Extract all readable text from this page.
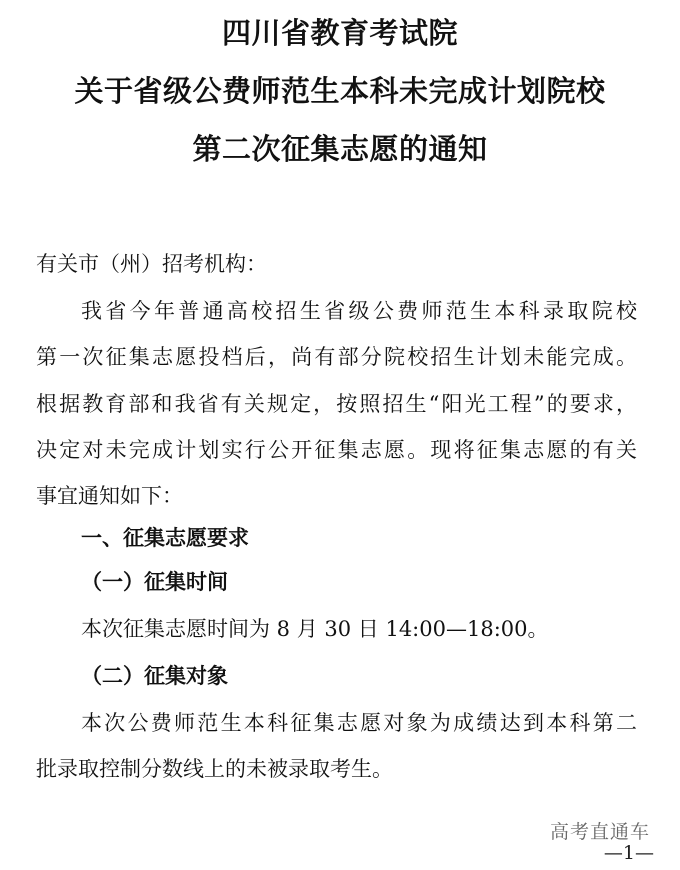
四川省教育考试院
关于省级公费师范生本科未完成计划院校
第二次征集志愿的通知
有关市（州）招考机构：
我省今年普通高校招生省级公费师范生本科录取院校
第一次征集志愿投档后，尚有部分院校招生计划未能完成。
根据教育部和我省有关规定，按照招生“阳光工程”的要求，
决定对未完成计划实行公开征集志愿。现将征集志愿的有关
事宜通知如下：
一、征集志愿要求
（一）征集时间
本次征集志愿时间为 8 月 30 日 14:00—18:00。
（二）征集对象
本次公费师范生本科征集志愿对象为成绩达到本科第二
批录取控制分数线上的未被录取考生。
高考直通车
—1—
